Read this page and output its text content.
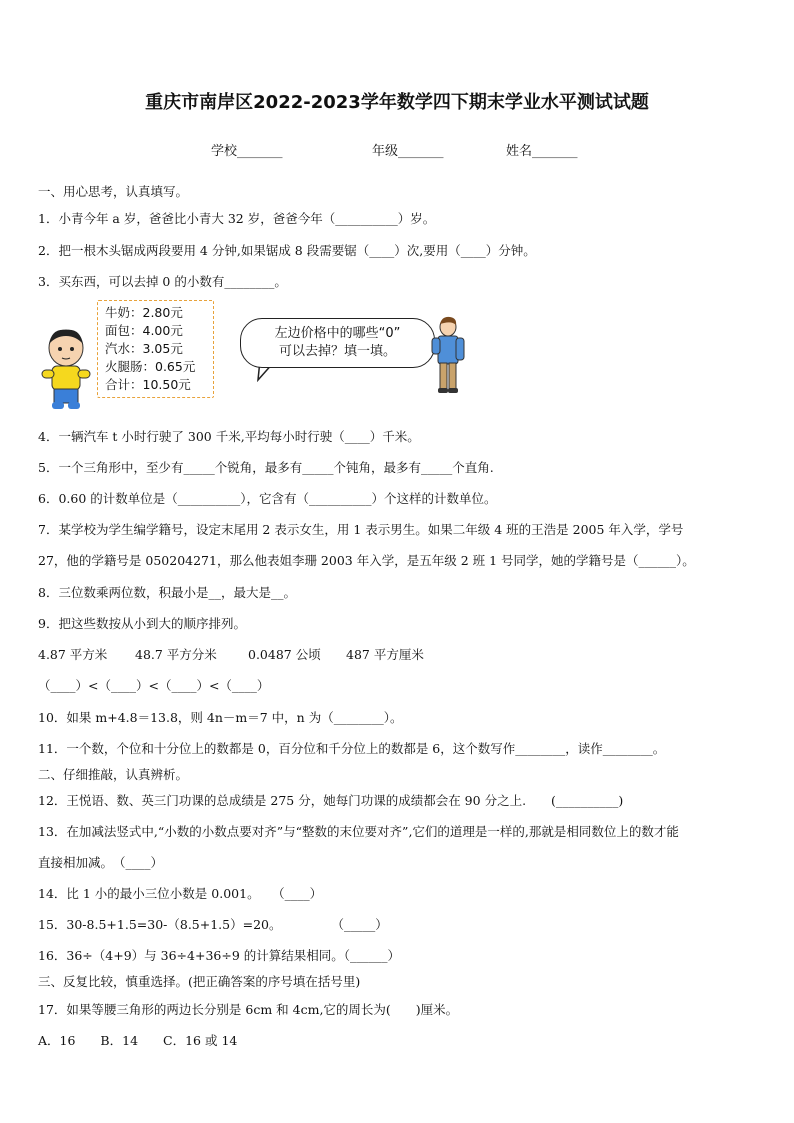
重庆市南岸区2022-2023学年数学四下期末学业水平测试试题
学校_______	年级_______	姓名_______
一、用心思考，认真填写。
1．小青今年 a 岁，爸爸比小青大 32 岁，爸爸今年（__________）岁。
2．把一根木头锯成两段要用 4 分钟,如果锯成 8 段需要锯（____）次,要用（____）分钟。
3．买东西，可以去掉 0 的小数有________。
牛奶：2.80元
面包：4.00元
汽水：3.05元
火腿肠：0.65元
合计：10.50元
左边价格中的哪些“0”
可以去掉？填一填。
4．一辆汽车 t 小时行驶了 300 千米,平均每小时行驶（____）千米。
5．一个三角形中，至少有_____个锐角，最多有_____个钝角，最多有_____个直角.
6．0.60 的计数单位是（__________），它含有（__________）个这样的计数单位。
7．某学校为学生编学籍号，设定末尾用 2 表示女生，用 1 表示男生。如果二年级 4 班的王浩是 2005 年入学，学号
27，他的学籍号是 050204271，那么他表姐李珊 2003 年入学，是五年级 2 班 1 号同学，她的学籍号是（______）。
8．三位数乘两位数，积最小是__，最大是__。
9．把这些数按从小到大的顺序排列。
4.87 平方米 48.7 平方分米 0.0487 公顷 487 平方厘米
（____）<（____）<（____）<（____）
10．如果 m+4.8＝13.8，则 4n－m＝7 中，n 为（________）。
11．一个数，个位和十分位上的数都是 0，百分位和千分位上的数都是 6，这个数写作________，读作________。
二、仔细推敲，认真辨析。
12．王悦语、数、英三门功课的总成绩是 275 分，她每门功课的成绩都会在 90 分之上.　　(__________)
13．在加减法竖式中,“小数的小数点要对齐”与“整数的末位要对齐”,它们的道理是一样的,那就是相同数位上的数才能
直接相加减。　（____）
14．比 1 小的最小三位小数是 0.001。　　（____）
15．30-8.5+1.5=30-（8.5+1.5）=20。　　　　　（_____）
16．36÷（4+9）与 36÷4+36÷9 的计算结果相同。（______）
三、反复比较，慎重选择。(把正确答案的序号填在括号里)
17．如果等腰三角形的两边长分别是 6cm 和 4cm,它的周长为(　　)厘米。
A．16　　B．14　　C．16 或 14
